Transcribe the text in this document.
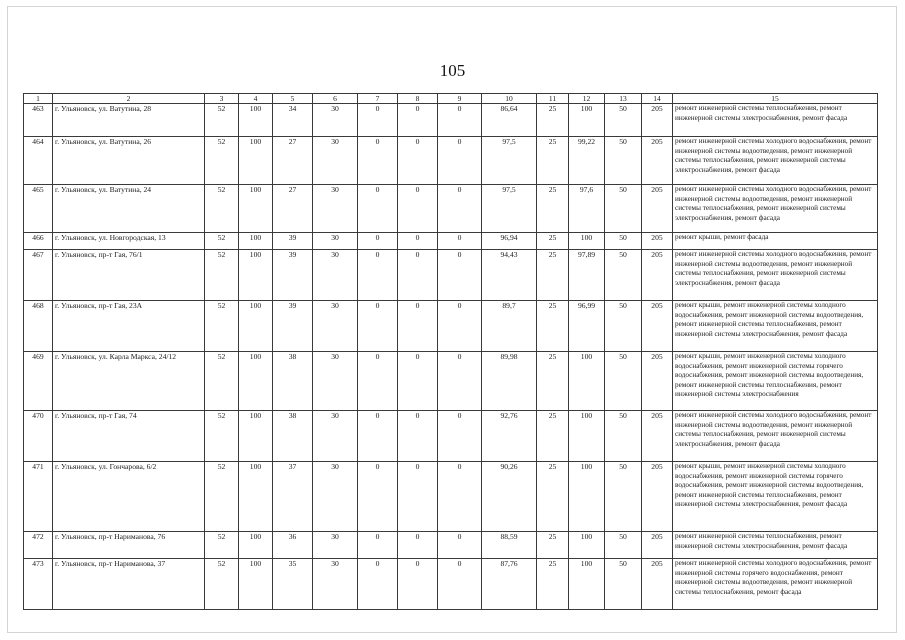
105
1	2	3	4	5	6	7	8	9	10	11	12	13	14	15
463	г. Ульяновск, ул. Ватутина, 28	52	100	34	30	0	0	0	86,64	25	100	50	205	ремонт инженерной системы теплоснабжения, ремонт инженерной системы электроснабжения, ремонт фасада
464	г. Ульяновск, ул. Ватутина, 26	52	100	27	30	0	0	0	97,5	25	99,22	50	205	ремонт инженерной системы холодного водоснабжения, ремонт инженерной системы водоотведения, ремонт инженерной системы теплоснабжения, ремонт инженерной системы электроснабжения, ремонт фасада
465	г. Ульяновск, ул. Ватутина, 24	52	100	27	30	0	0	0	97,5	25	97,6	50	205	ремонт инженерной системы холодного водоснабжения, ремонт инженерной системы водоотведения, ремонт инженерной системы теплоснабжения, ремонт инженерной системы электроснабжения, ремонт фасада
466	г. Ульяновск, ул. Новгородская, 13	52	100	39	30	0	0	0	96,94	25	100	50	205	ремонт крыши, ремонт фасада
467	г. Ульяновск, пр-т Гая, 76/1	52	100	39	30	0	0	0	94,43	25	97,89	50	205	ремонт инженерной системы холодного водоснабжения, ремонт инженерной системы водоотведения, ремонт инженерной системы теплоснабжения, ремонт инженерной системы электроснабжения, ремонт фасада
468	г. Ульяновск, пр-т Гая, 23А	52	100	39	30	0	0	0	89,7	25	96,99	50	205	ремонт крыши, ремонт инженерной системы холодного водоснабжения, ремонт инженерной системы водоотведения, ремонт инженерной системы теплоснабжения, ремонт инженерной системы электроснабжения, ремонт фасада
469	г. Ульяновск, ул. Карла Маркса, 24/12	52	100	38	30	0	0	0	89,98	25	100	50	205	ремонт крыши, ремонт инженерной системы холодного водоснабжения, ремонт инженерной системы горячего водоснабжения, ремонт инженерной системы водоотведения, ремонт инженерной системы теплоснабжения, ремонт инженерной системы электроснабжения
470	г. Ульяновск, пр-т Гая, 74	52	100	38	30	0	0	0	92,76	25	100	50	205	ремонт инженерной системы холодного водоснабжения, ремонт инженерной системы водоотведения, ремонт инженерной системы теплоснабжения, ремонт инженерной системы электроснабжения, ремонт фасада
471	г. Ульяновск, ул. Гончарова, 6/2	52	100	37	30	0	0	0	90,26	25	100	50	205	ремонт крыши, ремонт инженерной системы холодного водоснабжения, ремонт инженерной системы горячего водоснабжения, ремонт инженерной системы водоотведения, ремонт инженерной системы теплоснабжения, ремонт инженерной системы электроснабжения, ремонт фасада
472	г. Ульяновск, пр-т Нариманова, 76	52	100	36	30	0	0	0	88,59	25	100	50	205	ремонт инженерной системы теплоснабжения, ремонт инженерной системы электроснабжения, ремонт фасада
473	г. Ульяновск, пр-т Нариманова, 37	52	100	35	30	0	0	0	87,76	25	100	50	205	ремонт инженерной системы холодного водоснабжения, ремонт инженерной системы горячего водоснабжения, ремонт инженерной системы водоотведения, ремонт инженерной системы теплоснабжения, ремонт фасада
